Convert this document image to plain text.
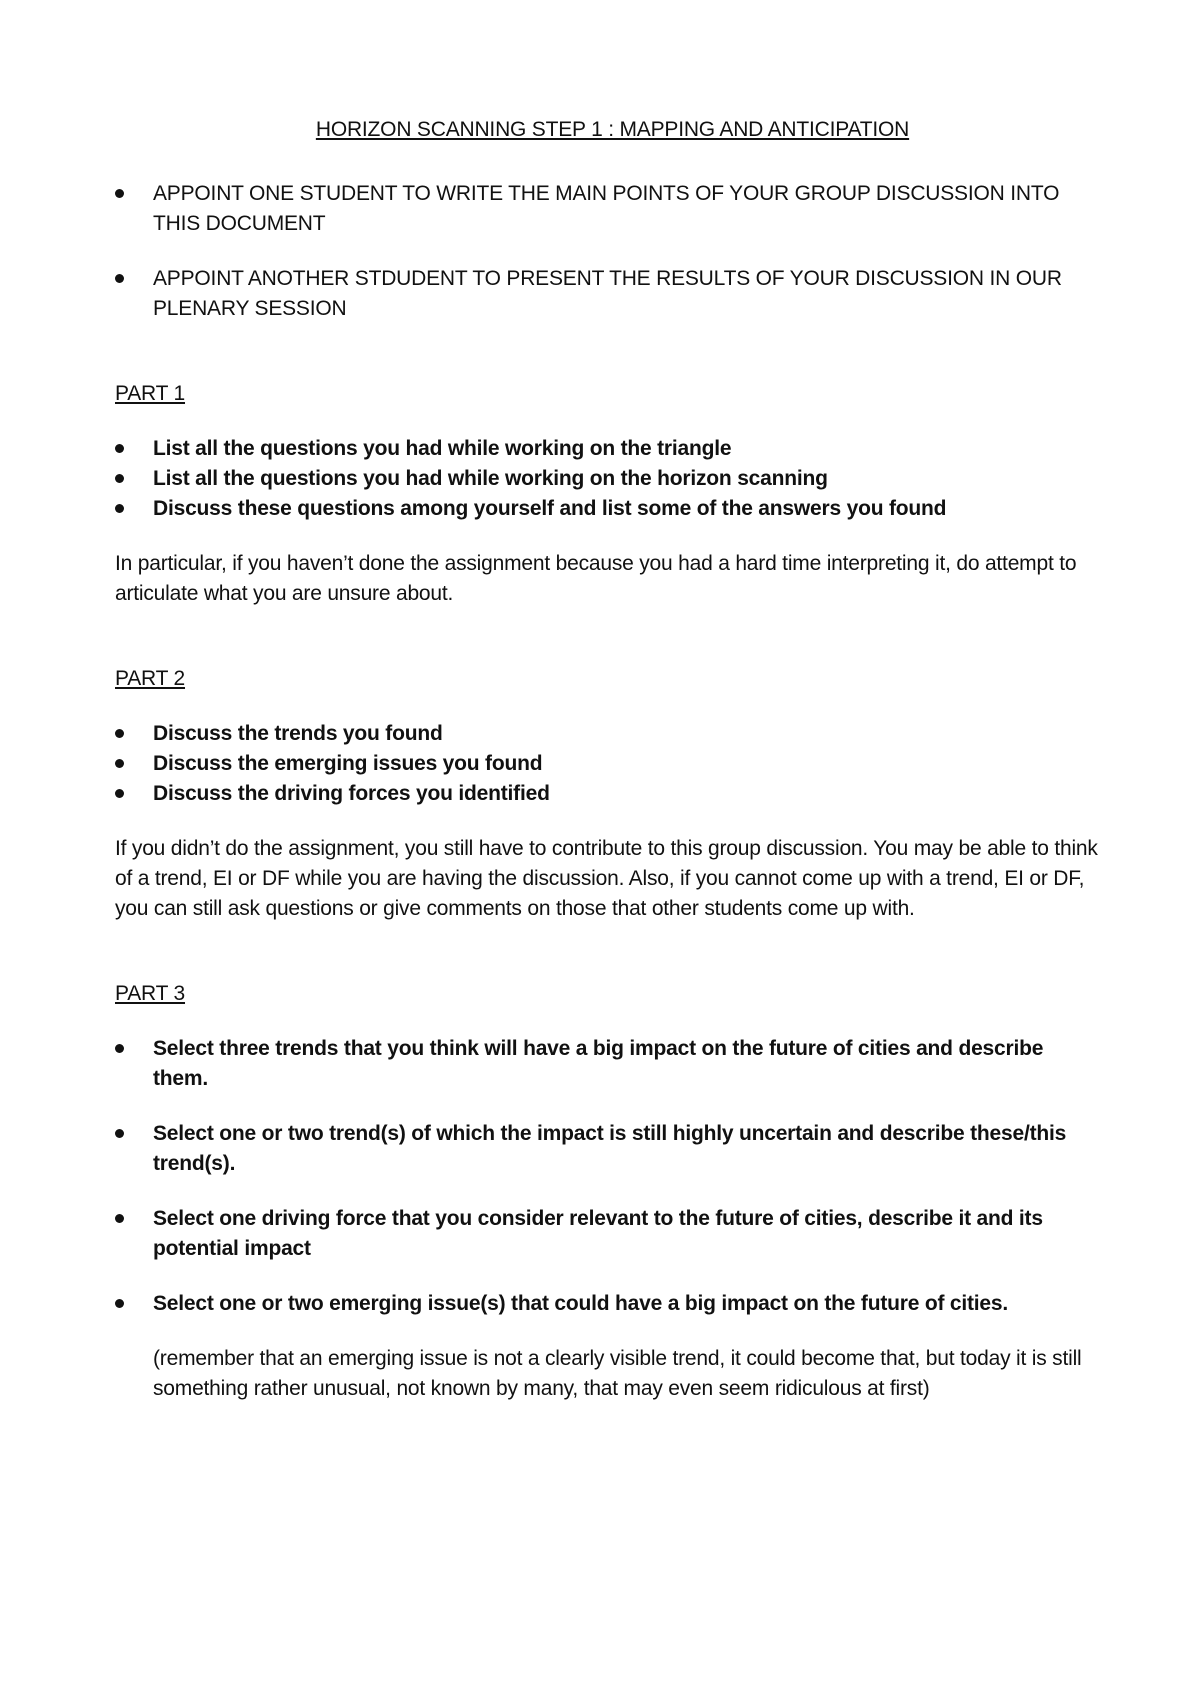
HORIZON SCANNING STEP 1 : MAPPING AND ANTICIPATION

APPOINT ONE STUDENT TO WRITE THE MAIN POINTS OF YOUR GROUP DISCUSSION INTO THIS DOCUMENT
APPOINT ANOTHER STDUDENT TO PRESENT THE RESULTS OF YOUR DISCUSSION IN OUR PLENARY SESSION

PART 1

List all the questions you had while working on the triangle
List all the questions you had while working on the horizon scanning
Discuss these questions among yourself and list some of the answers you found

In particular, if you haven’t done the assignment because you had a hard time interpreting it, do attempt to articulate what you are unsure about.

PART 2

Discuss the trends you found
Discuss the emerging issues you found
Discuss the driving forces you identified

If you didn’t do the assignment, you still have to contribute to this group discussion. You may be able to think of a trend, EI or DF while you are having the discussion. Also, if you cannot come up with a trend, EI or DF, you can still ask questions or give comments on those that other students come up with.

PART 3

Select three trends that you think will have a big impact on the future of cities and describe them.
Select one or two trend(s) of which the impact is still highly uncertain and describe these/this trend(s).
Select one driving force that you consider relevant to the future of cities, describe it and its potential impact
Select one or two emerging issue(s) that could have a big impact on the future of cities.

(remember that an emerging issue is not a clearly visible trend, it could become that, but today it is still something rather unusual, not known by many, that may even seem ridiculous at first)
